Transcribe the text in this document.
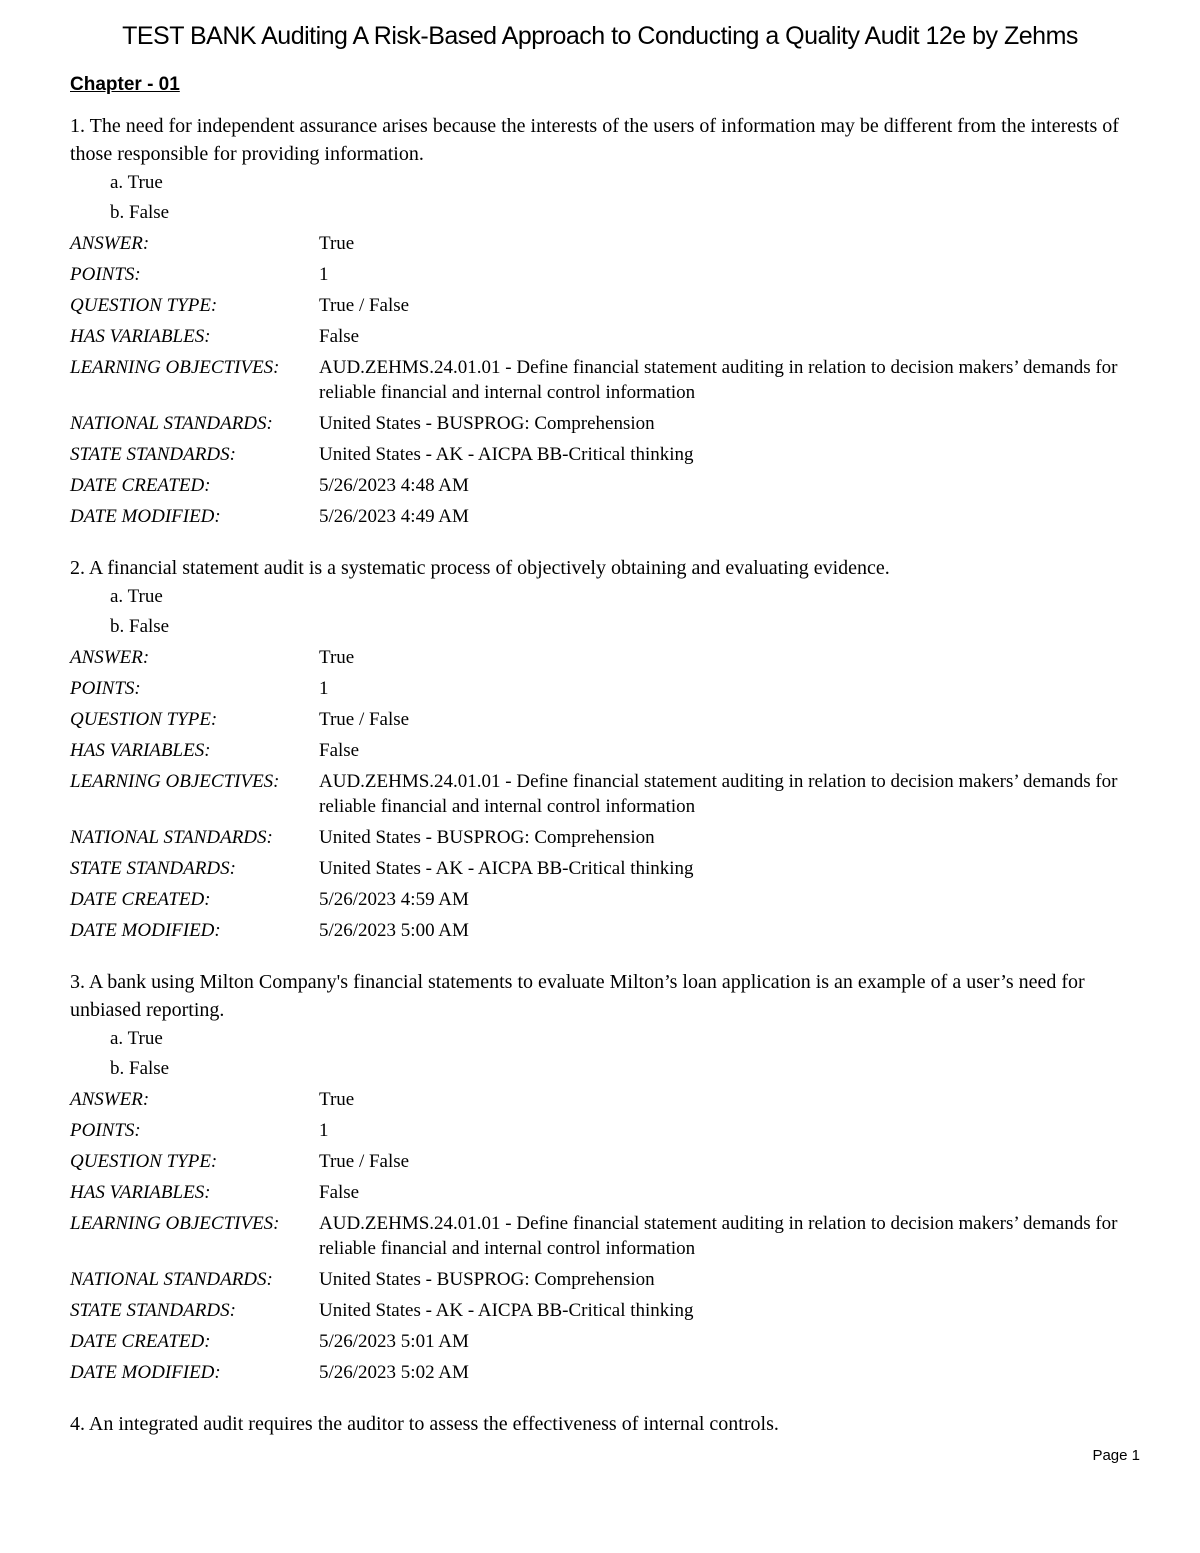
TEST BANK Auditing A Risk-Based Approach to Conducting a Quality Audit 12e by Zehms
Chapter - 01
1. The need for independent assurance arises because the interests of the users of information may be different from the interests of those responsible for providing information.
a. True
b. False
ANSWER:	True
POINTS:	1
QUESTION TYPE:	True / False
HAS VARIABLES:	False
LEARNING OBJECTIVES:	AUD.ZEHMS.24.01.01 - Define financial statement auditing in relation to decision makers’ demands for reliable financial and internal control information
NATIONAL STANDARDS:	United States - BUSPROG: Comprehension
STATE STANDARDS:	United States - AK - AICPA BB-Critical thinking
DATE CREATED:	5/26/2023 4:48 AM
DATE MODIFIED:	5/26/2023 4:49 AM
2. A financial statement audit is a systematic process of objectively obtaining and evaluating evidence.
a. True
b. False
ANSWER:	True
POINTS:	1
QUESTION TYPE:	True / False
HAS VARIABLES:	False
LEARNING OBJECTIVES:	AUD.ZEHMS.24.01.01 - Define financial statement auditing in relation to decision makers’ demands for reliable financial and internal control information
NATIONAL STANDARDS:	United States - BUSPROG: Comprehension
STATE STANDARDS:	United States - AK - AICPA BB-Critical thinking
DATE CREATED:	5/26/2023 4:59 AM
DATE MODIFIED:	5/26/2023 5:00 AM
3. A bank using Milton Company's financial statements to evaluate Milton’s loan application is an example of a user’s need for unbiased reporting.
a. True
b. False
ANSWER:	True
POINTS:	1
QUESTION TYPE:	True / False
HAS VARIABLES:	False
LEARNING OBJECTIVES:	AUD.ZEHMS.24.01.01 - Define financial statement auditing in relation to decision makers’ demands for reliable financial and internal control information
NATIONAL STANDARDS:	United States - BUSPROG: Comprehension
STATE STANDARDS:	United States - AK - AICPA BB-Critical thinking
DATE CREATED:	5/26/2023 5:01 AM
DATE MODIFIED:	5/26/2023 5:02 AM
4. An integrated audit requires the auditor to assess the effectiveness of internal controls.
Page 1
